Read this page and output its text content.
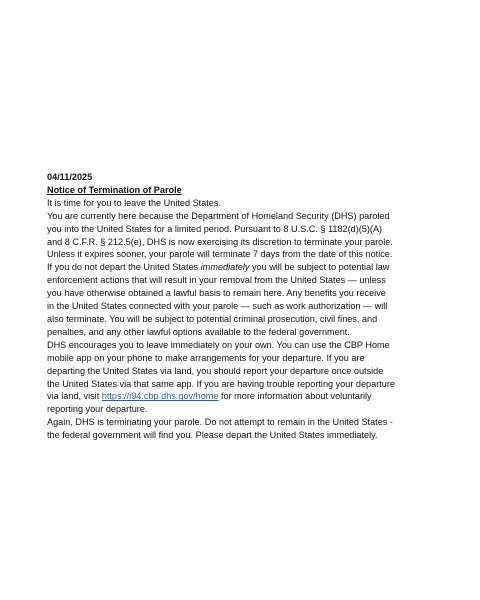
04/11/2025
Notice of Termination of Parole
It is time for you to leave the United States.
You are currently here because the Department of Homeland Security (DHS) paroled
you into the United States for a limited period. Pursuant to 8 U.S.C. § 1182(d)(5)(A)
and 8 C.F.R. § 212.5(e), DHS is now exercising its discretion to terminate your parole.
Unless it expires sooner, your parole will terminate 7 days from the date of this notice.
If you do not depart the United States immediately you will be subject to potential law
enforcement actions that will result in your removal from the United States — unless
you have otherwise obtained a lawful basis to remain here. Any benefits you receive
in the United States connected with your parole — such as work authorization — will
also terminate. You will be subject to potential criminal prosecution, civil fines, and
penalties, and any other lawful options available to the federal government.
DHS encourages you to leave immediately on your own. You can use the CBP Home
mobile app on your phone to make arrangements for your departure. If you are
departing the United States via land, you should report your departure once outside
the United States via that same app. If you are having trouble reporting your departure
via land, visit https://i94.cbp.dhs.gov/home for more information about voluntarily
reporting your departure.
Again, DHS is terminating your parole. Do not attempt to remain in the United States -
the federal government will find you. Please depart the United States immediately.
